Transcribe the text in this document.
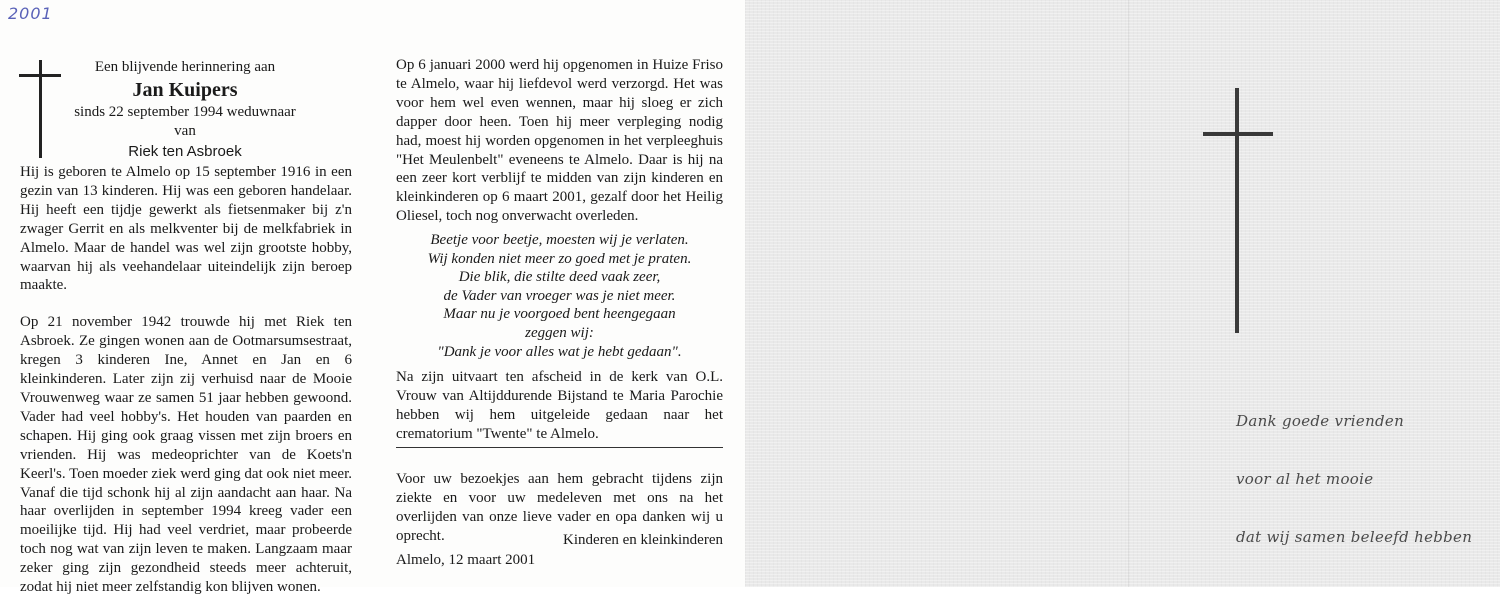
2001
Een blijvende herinnering aan
Jan Kuipers
sinds 22 september 1994 weduwnaar van
Riek ten Asbroek

Hij is geboren te Almelo op 15 september 1916 in een gezin van 13 kinderen. Hij was een geboren handelaar. Hij heeft een tijdje gewerkt als fietsenmaker bij z'n zwager Gerrit en als melkventer bij de melkfabriek in Almelo. Maar de handel was wel zijn grootste hobby, waarvan hij als veehandelaar uiteindelijk zijn beroep maakte.

Op 21 november 1942 trouwde hij met Riek ten Asbroek. Ze gingen wonen aan de Ootmarsumsestraat, kregen 3 kinderen Ine, Annet en Jan en 6 kleinkinderen. Later zijn zij verhuisd naar de Mooie Vrouwenweg waar ze samen 51 jaar hebben gewoond. Vader had veel hobby's. Het houden van paarden en schapen. Hij ging ook graag vissen met zijn broers en vrienden. Hij was medeoprichter van de Koets'n Keerl's. Toen moeder ziek werd ging dat ook niet meer. Vanaf die tijd schonk hij al zijn aandacht aan haar. Na haar overlijden in september 1994 kreeg vader een moeilijke tijd. Hij had veel verdriet, maar probeerde toch nog wat van zijn leven te maken. Langzaam maar zeker ging zijn gezondheid steeds meer achteruit, zodat hij niet meer zelfstandig kon blijven wonen.

Op 6 januari 2000 werd hij opgenomen in Huize Friso te Almelo, waar hij liefdevol werd verzorgd. Het was voor hem wel even wennen, maar hij sloeg er zich dapper door heen. Toen hij meer verpleging nodig had, moest hij worden opgenomen in het verpleeghuis "Het Meulenbelt" eveneens te Almelo. Daar is hij na een zeer kort verblijf te midden van zijn kinderen en kleinkinderen op 6 maart 2001, gezalf door het Heilig Oliesel, toch nog onverwacht overleden.

Beetje voor beetje, moesten wij je verlaten.
Wij konden niet meer zo goed met je praten.
Die blik, die stilte deed vaak zeer,
de Vader van vroeger was je niet meer.
Maar nu je voorgoed bent heengegaan
zeggen wij:
"Dank je voor alles wat je hebt gedaan".
Na zijn uitvaart ten afscheid in de kerk van O.L. Vrouw van Altijddurende Bijstand te Maria Parochie hebben wij hem uitgeleide gedaan naar het crematorium "Twente" te Almelo.
Voor uw bezoekjes aan hem gebracht tijdens zijn ziekte en voor uw medeleven met ons na het overlijden van onze lieve vader en opa danken wij u oprecht.	Kinderen en kleinkinderen
Almelo, 12 maart 2001
Dank goede vrienden
voor al het mooie
dat wij samen beleefd hebben
